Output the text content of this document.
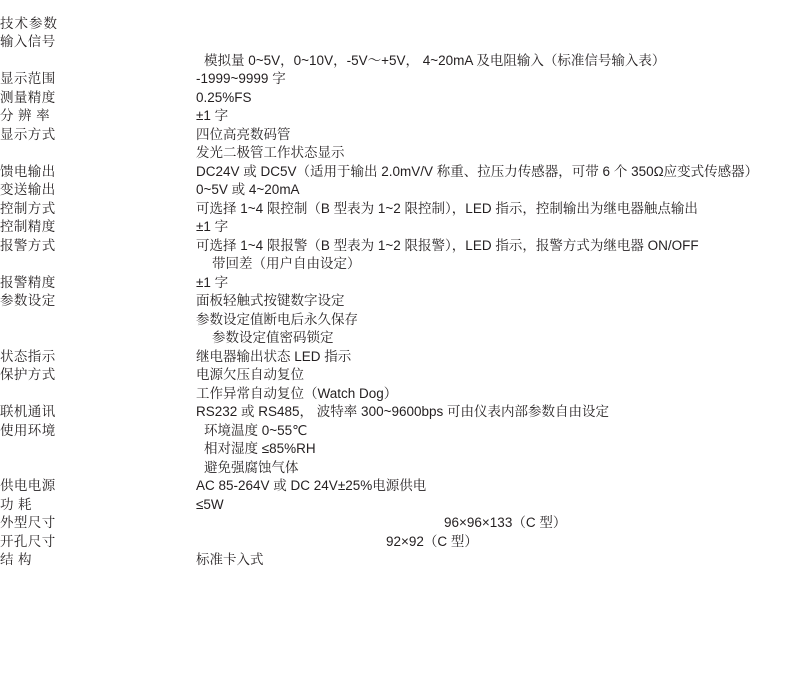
技术参数	

输入信号	模拟量 0~5V，0~10V，-5V～+5V， 4~20mA 及电阻输入（标准信号输入表）

显示范围	-1999~9999 字

测量精度	0.25%FS

分 辨 率	±1 字

显示方式	四位高亮数码管
发光二极管工作状态显示

馈电输出	DC24V 或 DC5V（适用于输出 2.0mV/V 称重、拉压力传感器，可带 6 个 350Ω应变式传感器）

变送输出	0~5V 或 4~20mA

控制方式	可选择 1~4 限控制（B 型表为 1~2 限控制），LED 指示，控制输出为继电器触点输出

控制精度	±1 字

报警方式	可选择 1~4 限报警（B 型表为 1~2 限报警），LED 指示，报警方式为继电器 ON/OFF
带回差（用户自由设定）

报警精度	±1 字

参数设定	面板轻触式按键数字设定
参数设定值断电后永久保存
参数设定值密码锁定

状态指示	继电器输出状态 LED 指示

保护方式	电源欠压自动复位
工作异常自动复位（Watch Dog）

联机通讯	RS232 或 RS485， 波特率 300~9600bps 可由仪表内部参数自由设定

使用环境	环境温度 0~55℃
相对湿度 ≤85%RH
避免强腐蚀气体

供电电源	AC 85-264V 或 DC 24V±25%电源供电

功 耗	≤5W

外型尺寸	96×96×133（C 型）

开孔尺寸	92×92（C 型）

结 构	标准卡入式
